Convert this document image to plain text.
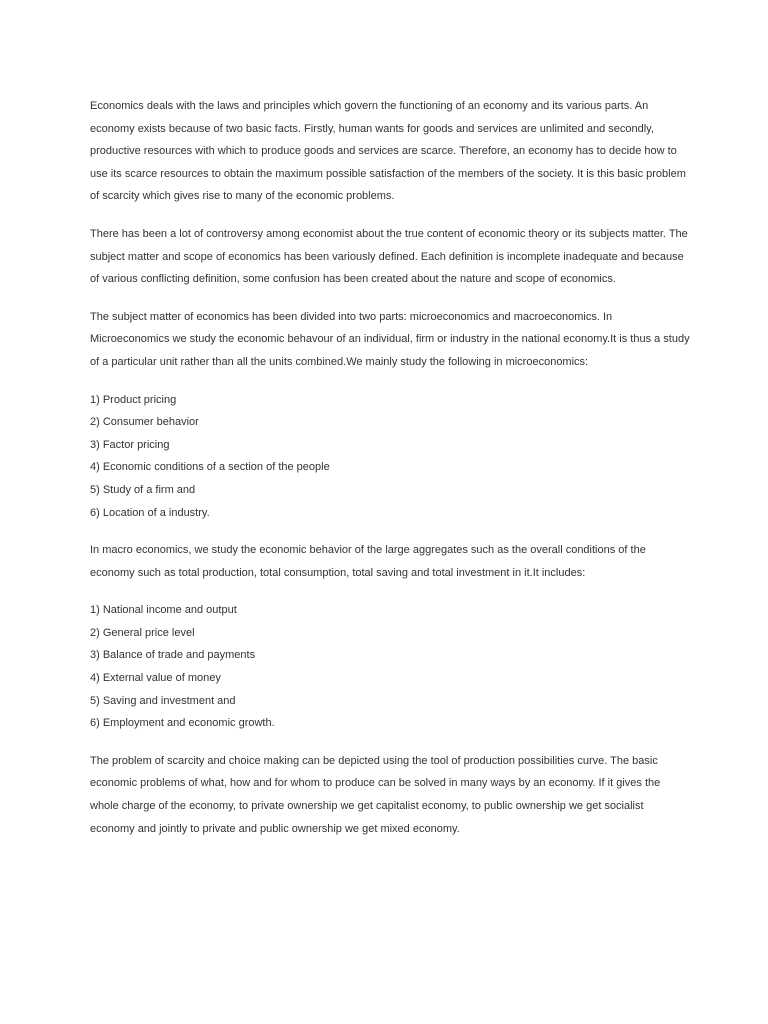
Economics deals with the laws and principles which govern the functioning of an economy and its various parts. An economy exists because of two basic facts. Firstly, human wants for goods and services are unlimited and secondly, productive resources with which to produce goods and services are scarce. Therefore, an economy has to decide how to use its scarce resources to obtain the maximum possible satisfaction of the members of the society. It is this basic problem of scarcity which gives rise to many of the economic problems.

There has been a lot of controversy among economist about the true content of economic theory or its subjects matter. The subject matter and scope of economics has been variously defined. Each definition is incomplete inadequate and because of various conflicting definition, some confusion has been created about the nature and scope of economics.

The subject matter of economics has been divided into two parts: microeconomics and macroeconomics. In Microeconomics we study the economic behavour of an individual, firm or industry in the national economy.It is thus a study of a particular unit rather than all the units combined.We mainly study the following in microeconomics:

1) Product pricing
2) Consumer behavior
3) Factor pricing
4) Economic conditions of a section of the people
5) Study of a firm and
6) Location of a industry.

In macro economics, we study the economic behavior of the large aggregates such as the overall conditions of the economy such as total production, total consumption, total saving and total investment in it.It includes:

1) National income and output
2) General price level
3) Balance of trade and payments
4) External value of money
5) Saving and investment and
6) Employment and economic growth.

The problem of scarcity and choice making can be depicted using the tool of production possibilities curve. The basic economic problems of what, how and for whom to produce can be solved in many ways by an economy. If it gives the whole charge of the economy, to private ownership we get capitalist economy, to public ownership we get socialist economy and jointly to private and public ownership we get mixed economy.
